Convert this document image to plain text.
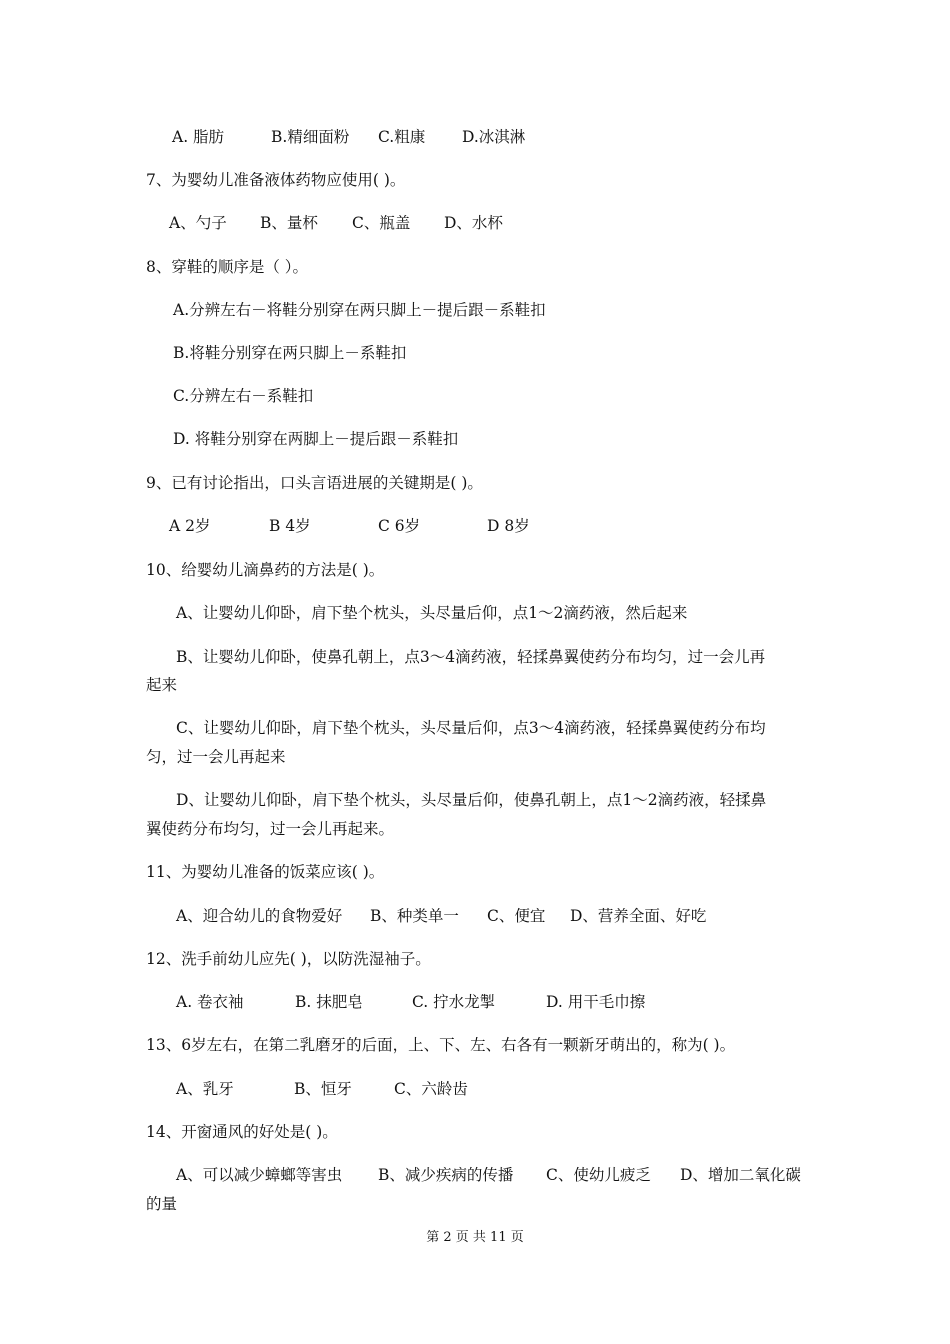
A. 脂肪	B.精细面粉 C.粗康 D.冰淇淋
7、为婴幼儿准备液体药物应使用( )。
A、勺子 B、量杯 C、瓶盖 D、水杯
8、穿鞋的顺序是（ ）。
A.分辨左右－将鞋分别穿在两只脚上－提后跟－系鞋扣
B.将鞋分别穿在两只脚上－系鞋扣
C.分辨左右－系鞋扣
D. 将鞋分别穿在两脚上－提后跟－系鞋扣
9、已有讨论指出，口头言语进展的关键期是( )。
A 2岁	B 4岁	C 6岁	D 8岁
10、给婴幼儿滴鼻药的方法是( )。
A、让婴幼儿仰卧，肩下垫个枕头，头尽量后仰，点1～2滴药液，然后起来
B、让婴幼儿仰卧，使鼻孔朝上，点3～4滴药液，轻揉鼻翼使药分布均匀，过一会儿再
起来
C、让婴幼儿仰卧，肩下垫个枕头，头尽量后仰，点3～4滴药液，轻揉鼻翼使药分布均
匀，过一会儿再起来
D、让婴幼儿仰卧，肩下垫个枕头，头尽量后仰，使鼻孔朝上，点1～2滴药液，轻揉鼻
翼使药分布均匀，过一会儿再起来。
11、为婴幼儿准备的饭菜应该( )。
A、迎合幼儿的食物爱好 B、种类单一 C、便宜 D、营养全面、好吃
12、洗手前幼儿应先( )，以防洗湿袖子。
A. 卷衣袖	B. 抹肥皂	C. 拧水龙掣	D. 用干毛巾擦
13、6岁左右，在第二乳磨牙的后面，上、下、左、右各有一颗新牙萌出的，称为( )。
A、乳牙	B、恒牙	C、六龄齿
14、开窗通风的好处是( )。
A、可以减少蟑螂等害虫 B、减少疾病的传播 C、使幼儿疲乏 D、增加二氧化碳
的量
第 2 页 共 11 页
